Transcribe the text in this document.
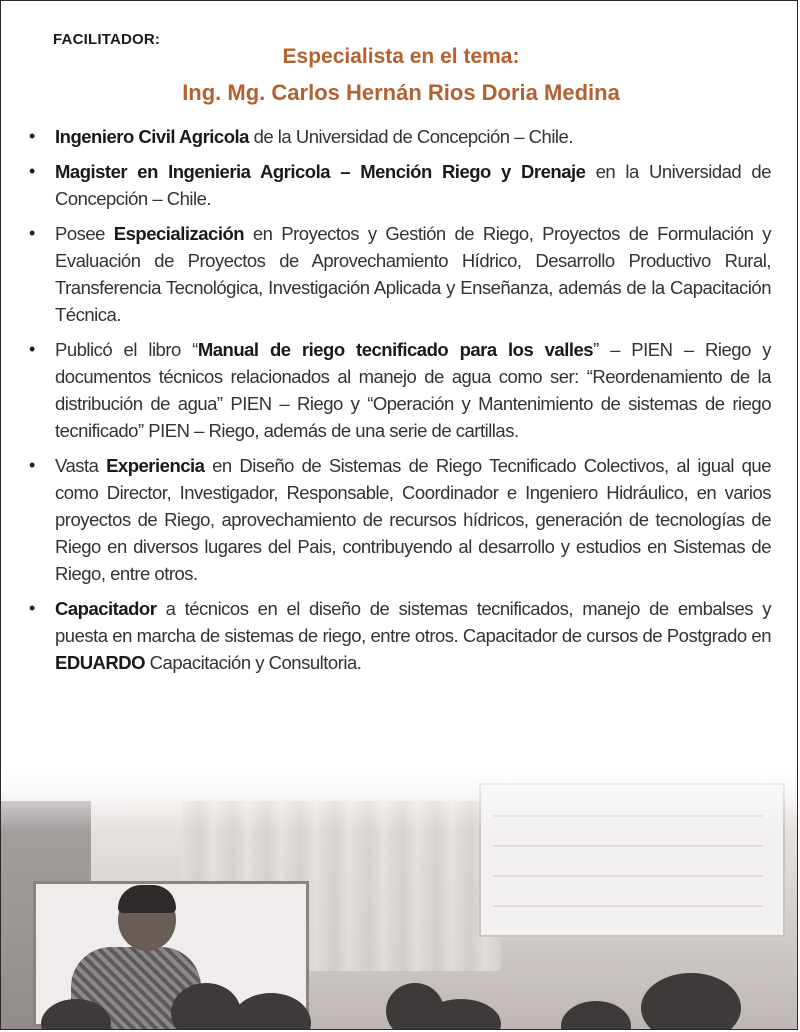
FACILITADOR:
Especialista en el tema:
Ing. Mg. Carlos Hernán Rios Doria Medina
• Ingeniero Civil Agricola de la Universidad de Concepción – Chile.
• Magister en Ingenieria Agricola – Mención Riego y Drenaje en la Universidad de Concepción – Chile.
• Posee Especialización en Proyectos y Gestión de Riego, Proyectos de Formulación y Evaluación de Proyectos de Aprovechamiento Hídrico, Desarrollo Productivo Rural, Transferencia Tecnológica, Investigación Aplicada y Enseñanza, además de la Capacitación Técnica.
• Publicó el libro “Manual de riego tecnificado para los valles” – PIEN – Riego y documentos técnicos relacionados al manejo de agua como ser: “Reordenamiento de la distribución de agua” PIEN – Riego y “Operación y Mantenimiento de sistemas de riego tecnificado” PIEN – Riego, además de una serie de cartillas.
• Vasta Experiencia en Diseño de Sistemas de Riego Tecnificado Colectivos, al igual que como Director, Investigador, Responsable, Coordinador e Ingeniero Hidráulico, en varios proyectos de Riego, aprovechamiento de recursos hídricos, generación de tecnologías de Riego en diversos lugares del Pais, contribuyendo al desarrollo y estudios en Sistemas de Riego, entre otros.
• Capacitador a técnicos en el diseño de sistemas tecnificados, manejo de embalses y puesta en marcha de sistemas de riego, entre otros. Capacitador de cursos de Postgrado en EDUARDO Capacitación y Consultoria.
